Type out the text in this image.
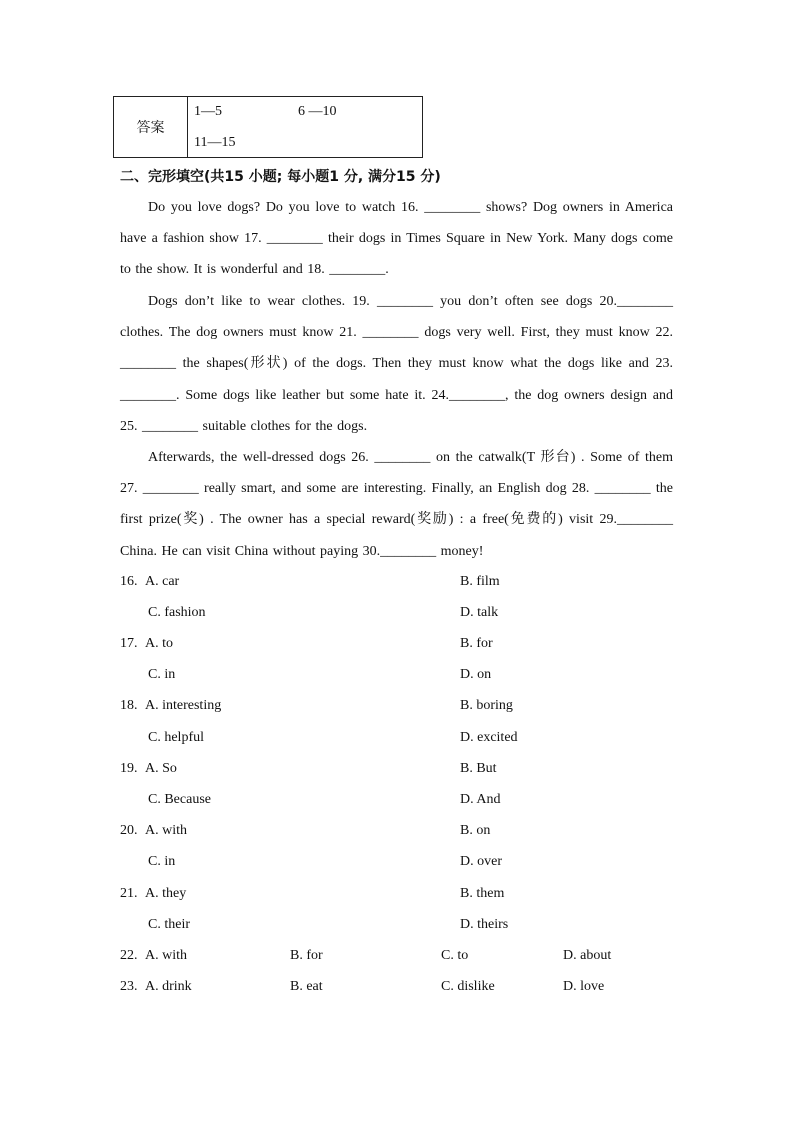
答案
1—5	6 —10
11—15
二、完形填空(共15 小题; 每小题1 分, 满分15 分)
Do you love dogs? Do you love to watch 16. ________ shows? Dog owners in America have a fashion show 17. ________ their dogs in Times Square in New York. Many dogs come to the show. It is wonderful and 18. ________.
Dogs don’t like to wear clothes. 19. ________ you don’t often see dogs 20.________ clothes. The dog owners must know 21. ________ dogs very well. First, they must know 22. ________ the shapes(形状) of the dogs. Then they must know what the dogs like and 23. ________. Some dogs like leather but some hate it. 24.________, the dog owners design and 25. ________ suitable clothes for the dogs.
Afterwards, the well-dressed dogs 26. ________ on the catwalk(T 形台) . Some of them 27. ________ really smart, and some are interesting. Finally, an English dog 28. ________ the first prize(奖) . The owner has a special reward(奖励) : a free(免费的) visit 29.________ China. He can visit China without paying 30.________ money!
16. A. car	B. film
C. fashion	D. talk
17. A. to	B. for
C. in	D. on
18. A. interesting	B. boring
C. helpful	D. excited
19. A. So	B. But
C. Because	D. And
20. A. with	B. on
C. in	D. over
21. A. they	B. them
C. their	D. theirs
22. A. with	B. for	C. to	D. about
23. A. drink	B. eat	C. dislike	D. love
